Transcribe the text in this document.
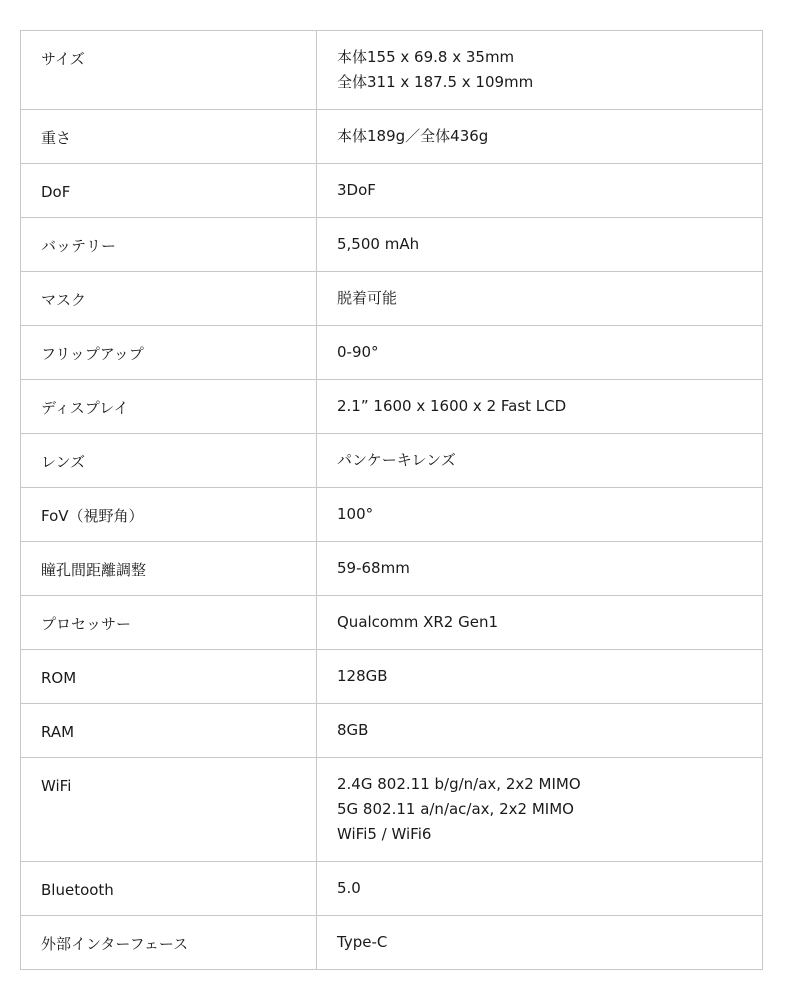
サイズ	本体155 x 69.8 x 35mm
全体311 x 187.5 x 109mm
重さ	本体189g／全体436g
DoF	3DoF
バッテリー	5,500 mAh
マスク	脱着可能
フリップアップ	0-90°
ディスプレイ	2.1” 1600 x 1600 x 2 Fast LCD
レンズ	パンケーキレンズ
FoV（視野角）	100°
瞳孔間距離調整	59-68mm
プロセッサー	Qualcomm XR2 Gen1
ROM	128GB
RAM	8GB
WiFi	2.4G 802.11 b/g/n/ax, 2x2 MIMO
5G 802.11 a/n/ac/ax, 2x2 MIMO
WiFi5 / WiFi6
Bluetooth	5.0
外部インターフェース	Type-C
